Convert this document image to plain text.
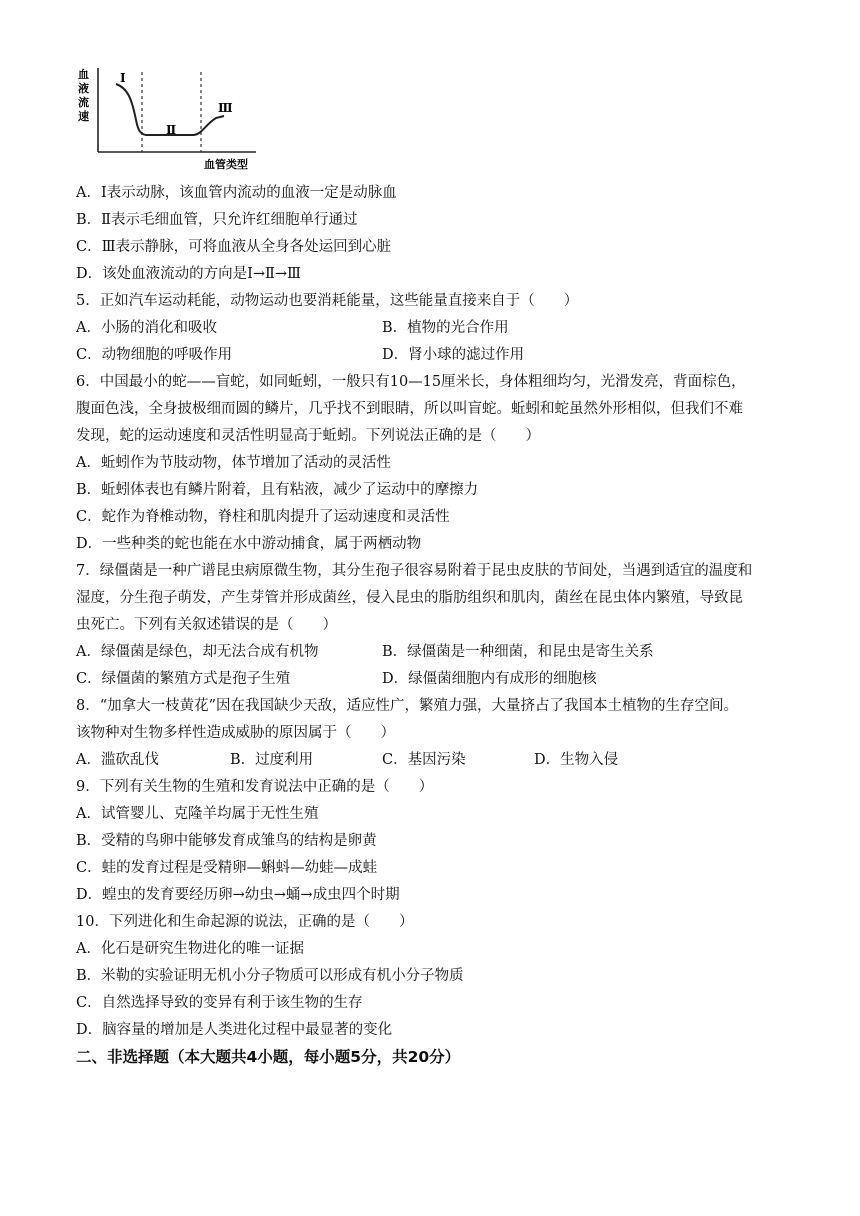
血
液
流
速
Ⅰ
Ⅱ
Ⅲ
血管类型
A．Ⅰ表示动脉，该血管内流动的血液一定是动脉血
B．Ⅱ表示毛细血管，只允许红细胞单行通过
C．Ⅲ表示静脉，可将血液从全身各处运回到心脏
D．该处血液流动的方向是Ⅰ→Ⅱ→Ⅲ
5．正如汽车运动耗能，动物运动也要消耗能量，这些能量直接来自于（　　）
A．小肠的消化和吸收	B．植物的光合作用
C．动物细胞的呼吸作用	D．肾小球的滤过作用
6．中国最小的蛇——盲蛇，如同蚯蚓，一般只有10—15厘米长，身体粗细均匀，光滑发亮，背面棕色，
腹面色浅，全身披极细而圆的鳞片，几乎找不到眼睛，所以叫盲蛇。蚯蚓和蛇虽然外形相似，但我们不难
发现，蛇的运动速度和灵活性明显高于蚯蚓。下列说法正确的是（　　）
A．蚯蚓作为节肢动物，体节增加了活动的灵活性
B．蚯蚓体表也有鳞片附着，且有粘液，减少了运动中的摩擦力
C．蛇作为脊椎动物，脊柱和肌肉提升了运动速度和灵活性
D．一些种类的蛇也能在水中游动捕食，属于两栖动物
7．绿僵菌是一种广谱昆虫病原微生物，其分生孢子很容易附着于昆虫皮肤的节间处，当遇到适宜的温度和
湿度，分生孢子萌发，产生芽管并形成菌丝，侵入昆虫的脂肪组织和肌肉，菌丝在昆虫体内繁殖，导致昆
虫死亡。下列有关叙述错误的是（　　）
A．绿僵菌是绿色，却无法合成有机物	B．绿僵菌是一种细菌，和昆虫是寄生关系
C．绿僵菌的繁殖方式是孢子生殖	D．绿僵菌细胞内有成形的细胞核
8．“加拿大一枝黄花”因在我国缺少天敌，适应性广，繁殖力强，大量挤占了我国本土植物的生存空间。
该物种对生物多样性造成威胁的原因属于（　　）
A．滥砍乱伐	B．过度利用	C．基因污染	D．生物入侵
9．下列有关生物的生殖和发育说法中正确的是（　　）
A．试管婴儿、克隆羊均属于无性生殖
B．受精的鸟卵中能够发育成雏鸟的结构是卵黄
C．蛙的发育过程是受精卵—蝌蚪—幼蛙—成蛙
D．蝗虫的发育要经历卵→幼虫→蛹→成虫四个时期
10．下列进化和生命起源的说法，正确的是（　　）
A．化石是研究生物进化的唯一证据
B．米勒的实验证明无机小分子物质可以形成有机小分子物质
C．自然选择导致的变异有利于该生物的生存
D．脑容量的增加是人类进化过程中最显著的变化
二、非选择题（本大题共4小题，每小题5分，共20分）
